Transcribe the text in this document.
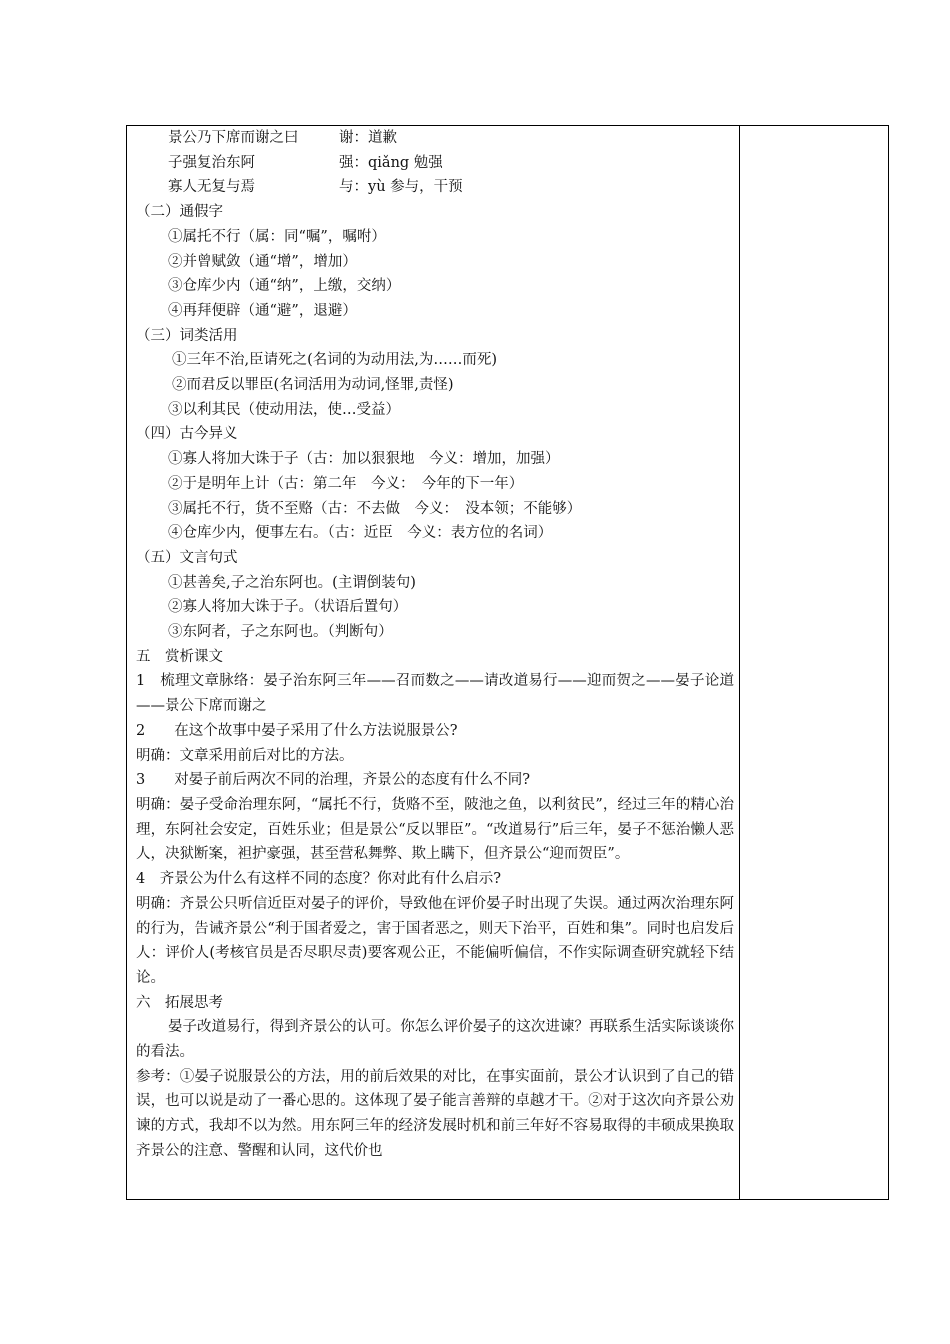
景公乃下席而谢之曰	谢：道歉

子强复治东阿	强：qiǎng 勉强

寡人无复与焉	与：yù 参与，干预

（二）通假字

①属托不行（属：同“嘱”，嘱咐）

②并曾赋敛（通“增”，增加）

③仓库少内（通“纳”，上缴，交纳）

④再拜便辟（通“避”，退避）

（三）词类活用

①三年不治,臣请死之(名词的为动用法,为……而死)

②而君反以罪臣(名词活用为动词,怪罪,责怪)

③以利其民（使动用法，使…受益）

（四）古今异义

①寡人将加大诛于子（古：加以狠狠地　今义：增加，加强）

②于是明年上计（古：第二年　今义：　今年的下一年）

③属托不行，货不至赂（古：不去做　今义：　没本领；不能够）

④仓库少内，便事左右。（古：近臣　今义：表方位的名词）

（五）文言句式

①甚善矣,子之治东阿也。(主谓倒装句)

②寡人将加大诛于子。（状语后置句）

③东阿者，子之东阿也。（判断句）

五　赏析课文

1　梳理文章脉络：晏子治东阿三年——召而数之——请改道易行——迎而贺之——晏子论道——景公下席而谢之

2　　在这个故事中晏子采用了什么方法说服景公?

明确：文章采用前后对比的方法。

3　　对晏子前后两次不同的治理，齐景公的态度有什么不同?

明确：晏子受命治理东阿，“属托不行，货赂不至，陂池之鱼，以利贫民”，经过三年的精心治理，东阿社会安定，百姓乐业；但是景公“反以罪臣”。“改道易行”后三年，晏子不惩治懒人恶人，决狱断案，袒护豪强，甚至营私舞弊、欺上瞒下，但齐景公“迎而贺臣”。

4　齐景公为什么有这样不同的态度？你对此有什么启示?

明确：齐景公只听信近臣对晏子的评价，导致他在评价晏子时出现了失误。通过两次治理东阿的行为，告诫齐景公“利于国者爱之，害于国者恶之，则天下治平，百姓和集”。同时也启发后人：评价人(考核官员是否尽职尽责)要客观公正，不能偏听偏信，不作实际调查研究就轻下结论。

六　拓展思考

晏子改道易行，得到齐景公的认可。你怎么评价晏子的这次进谏？再联系生活实际谈谈你的看法。

参考：①晏子说服景公的方法，用的前后效果的对比，在事实面前，景公才认识到了自己的错误，也可以说是动了一番心思的。这体现了晏子能言善辩的卓越才干。②对于这次向齐景公劝谏的方式，我却不以为然。用东阿三年的经济发展时机和前三年好不容易取得的丰硕成果换取齐景公的注意、警醒和认同，这代价也
